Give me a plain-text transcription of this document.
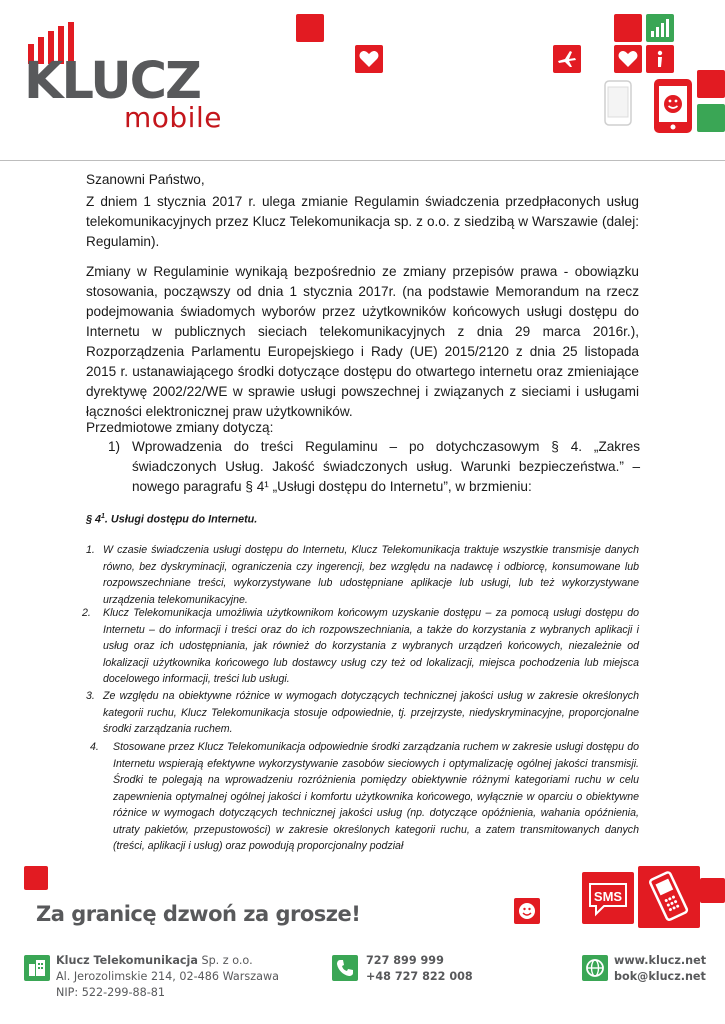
KLUCZ
mobile
Szanowni Państwo,
Z dniem 1 stycznia 2017 r. ulega zmianie Regulamin świadczenia przedpłaconych usług telekomunikacyjnych przez Klucz Telekomunikacja sp. z o.o. z siedzibą w Warszawie (dalej: Regulamin).
Zmiany w Regulaminie wynikają bezpośrednio ze zmiany przepisów prawa - obowiązku stosowania, począwszy od dnia 1 stycznia 2017r. (na podstawie Memorandum na rzecz podejmowania świadomych wyborów przez użytkowników końcowych usługi dostępu do Internetu w publicznych sieciach telekomunikacyjnych z dnia 29 marca 2016r.), Rozporządzenia Parlamentu Europejskiego i Rady (UE) 2015/2120 z dnia 25 listopada 2015 r. ustanawiającego środki dotyczące dostępu do otwartego internetu oraz zmieniające dyrektywę 2002/22/WE w sprawie usługi powszechnej i związanych z sieciami i usługami łączności elektronicznej praw użytkowników.
Przedmiotowe zmiany dotyczą:
1) Wprowadzenia do treści Regulaminu – po dotychczasowym § 4. „Zakres świadczonych Usług. Jakość świadczonych usług. Warunki bezpieczeństwa.” – nowego paragrafu § 4¹ „Usługi dostępu do Internetu”, w brzmieniu:
§ $4^1$. Usługi dostępu do Internetu.
1. W czasie świadczenia usługi dostępu do Internetu, Klucz Telekomunikacja traktuje wszystkie transmisje danych równo, bez dyskryminacji, ograniczenia czy ingerencji, bez względu na nadawcę i odbiorcę, konsumowane lub rozpowszechniane treści, wykorzystywane lub udostępniane aplikacje lub usługi, lub też wykorzystywane urządzenia telekomunikacyjne.
2.	Klucz Telekomunikacja umożliwia użytkownikom końcowym uzyskanie dostępu – za pomocą usługi dostępu do Internetu – do informacji i treści oraz do ich rozpowszechniania, a także do korzystania z wybranych aplikacji i usług oraz ich udostępniania, jak również do korzystania z wybranych urządzeń końcowych, niezależnie od lokalizacji użytkownika końcowego lub dostawcy usług czy też od lokalizacji, miejsca pochodzenia lub miejsca docelowego informacji, treści lub usługi.
3. Ze względu na obiektywne różnice w wymogach dotyczących technicznej jakości usług w zakresie określonych kategorii ruchu, Klucz Telekomunikacja stosuje odpowiednie, tj. przejrzyste, niedyskryminacyjne, proporcjonalne środki zarządzania ruchem.
4.	Stosowane przez Klucz Telekomunikacja odpowiednie środki zarządzania ruchem w zakresie usługi dostępu do Internetu wspierają efektywne wykorzystywanie zasobów sieciowych i optymalizację ogólnej jakości transmisji. Środki te polegają na wprowadzeniu rozróżnienia pomiędzy obiektywnie różnymi kategoriami ruchu w celu zapewnienia optymalnej ogólnej jakości i komfortu użytkownika końcowego, wyłącznie w oparciu o obiektywne różnice w wymogach dotyczących technicznej jakości usług (np. dotyczące opóźnienia, wahania opóźnienia, utraty pakietów, przepustowości) w zakresie określonych kategorii ruchu, a zatem transmitowanych danych (treści, aplikacji i usług) oraz powodują proporcjonalny podział
Za granicę dzwoń za grosze!
SMS
Klucz Telekomunikacja Sp. z o.o.
Al. Jerozolimskie 214, 02-486 Warszawa
NIP: 522-299-88-81
727 899 999
+48 727 822 008
www.klucz.net
bok@klucz.net
